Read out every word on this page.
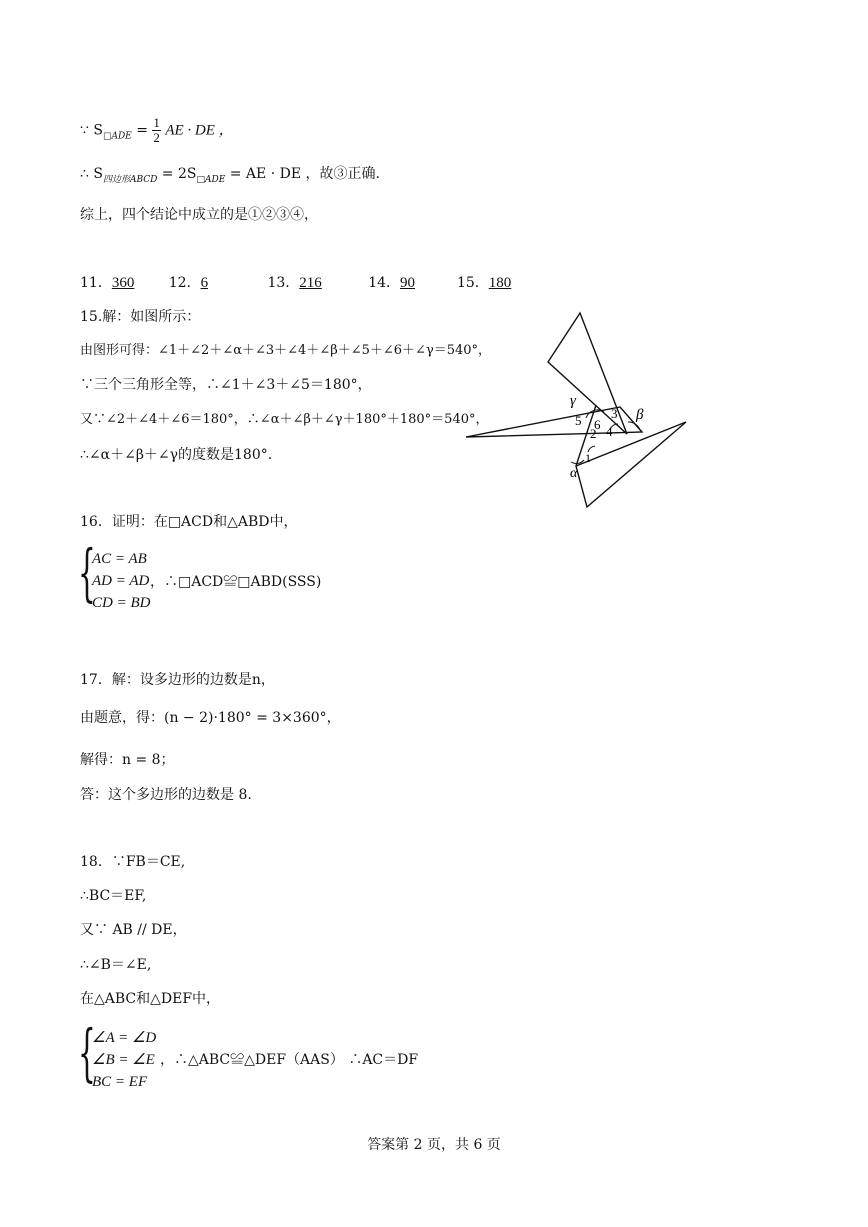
∵ $S_{□ADE} = \frac{1}{2}$ AE · DE ，
∴ $S_{四边形ABCD} = 2S_{□ADE}$ = AE · DE ，故③正确.
综上，四个结论中成立的是①②③④，
11．360 12．6	13．216	14．90	15．180
15.解：如图所示：
由图形可得：∠1＋∠2＋∠α＋∠3＋∠4＋∠β＋∠5＋∠6＋∠γ＝540°，
∵三个三角形全等，∴∠1＋∠3＋∠5＝180°，
又∵∠2＋∠4＋∠6＝180°，∴∠α＋∠β＋∠γ＋180°＋180°＝540°，
∴∠α＋∠β＋∠γ的度数是180°.
γ
β
α
1
2
3
4
5 6
16．证明：在□ACD和△ABD中，
{
AC = AB
AD = AD
CD = BD
，∴□ACD≌□ABD(SSS)
17．解：设多边形的边数是n，
由题意，得：(n − 2)·180° = 3×360°，
解得：n = 8；
答：这个多边形的边数是 8.
18．∵FB＝CE,
∴BC＝EF,
又∵ AB // DE，
∴∠B＝∠E,
在△ABC和△DEF中，
{
∠A = ∠D
∠B = ∠E
BC = EF
，∴△ABC≌△DEF（AAS） ∴AC＝DF
答案第 2 页，共 6 页
